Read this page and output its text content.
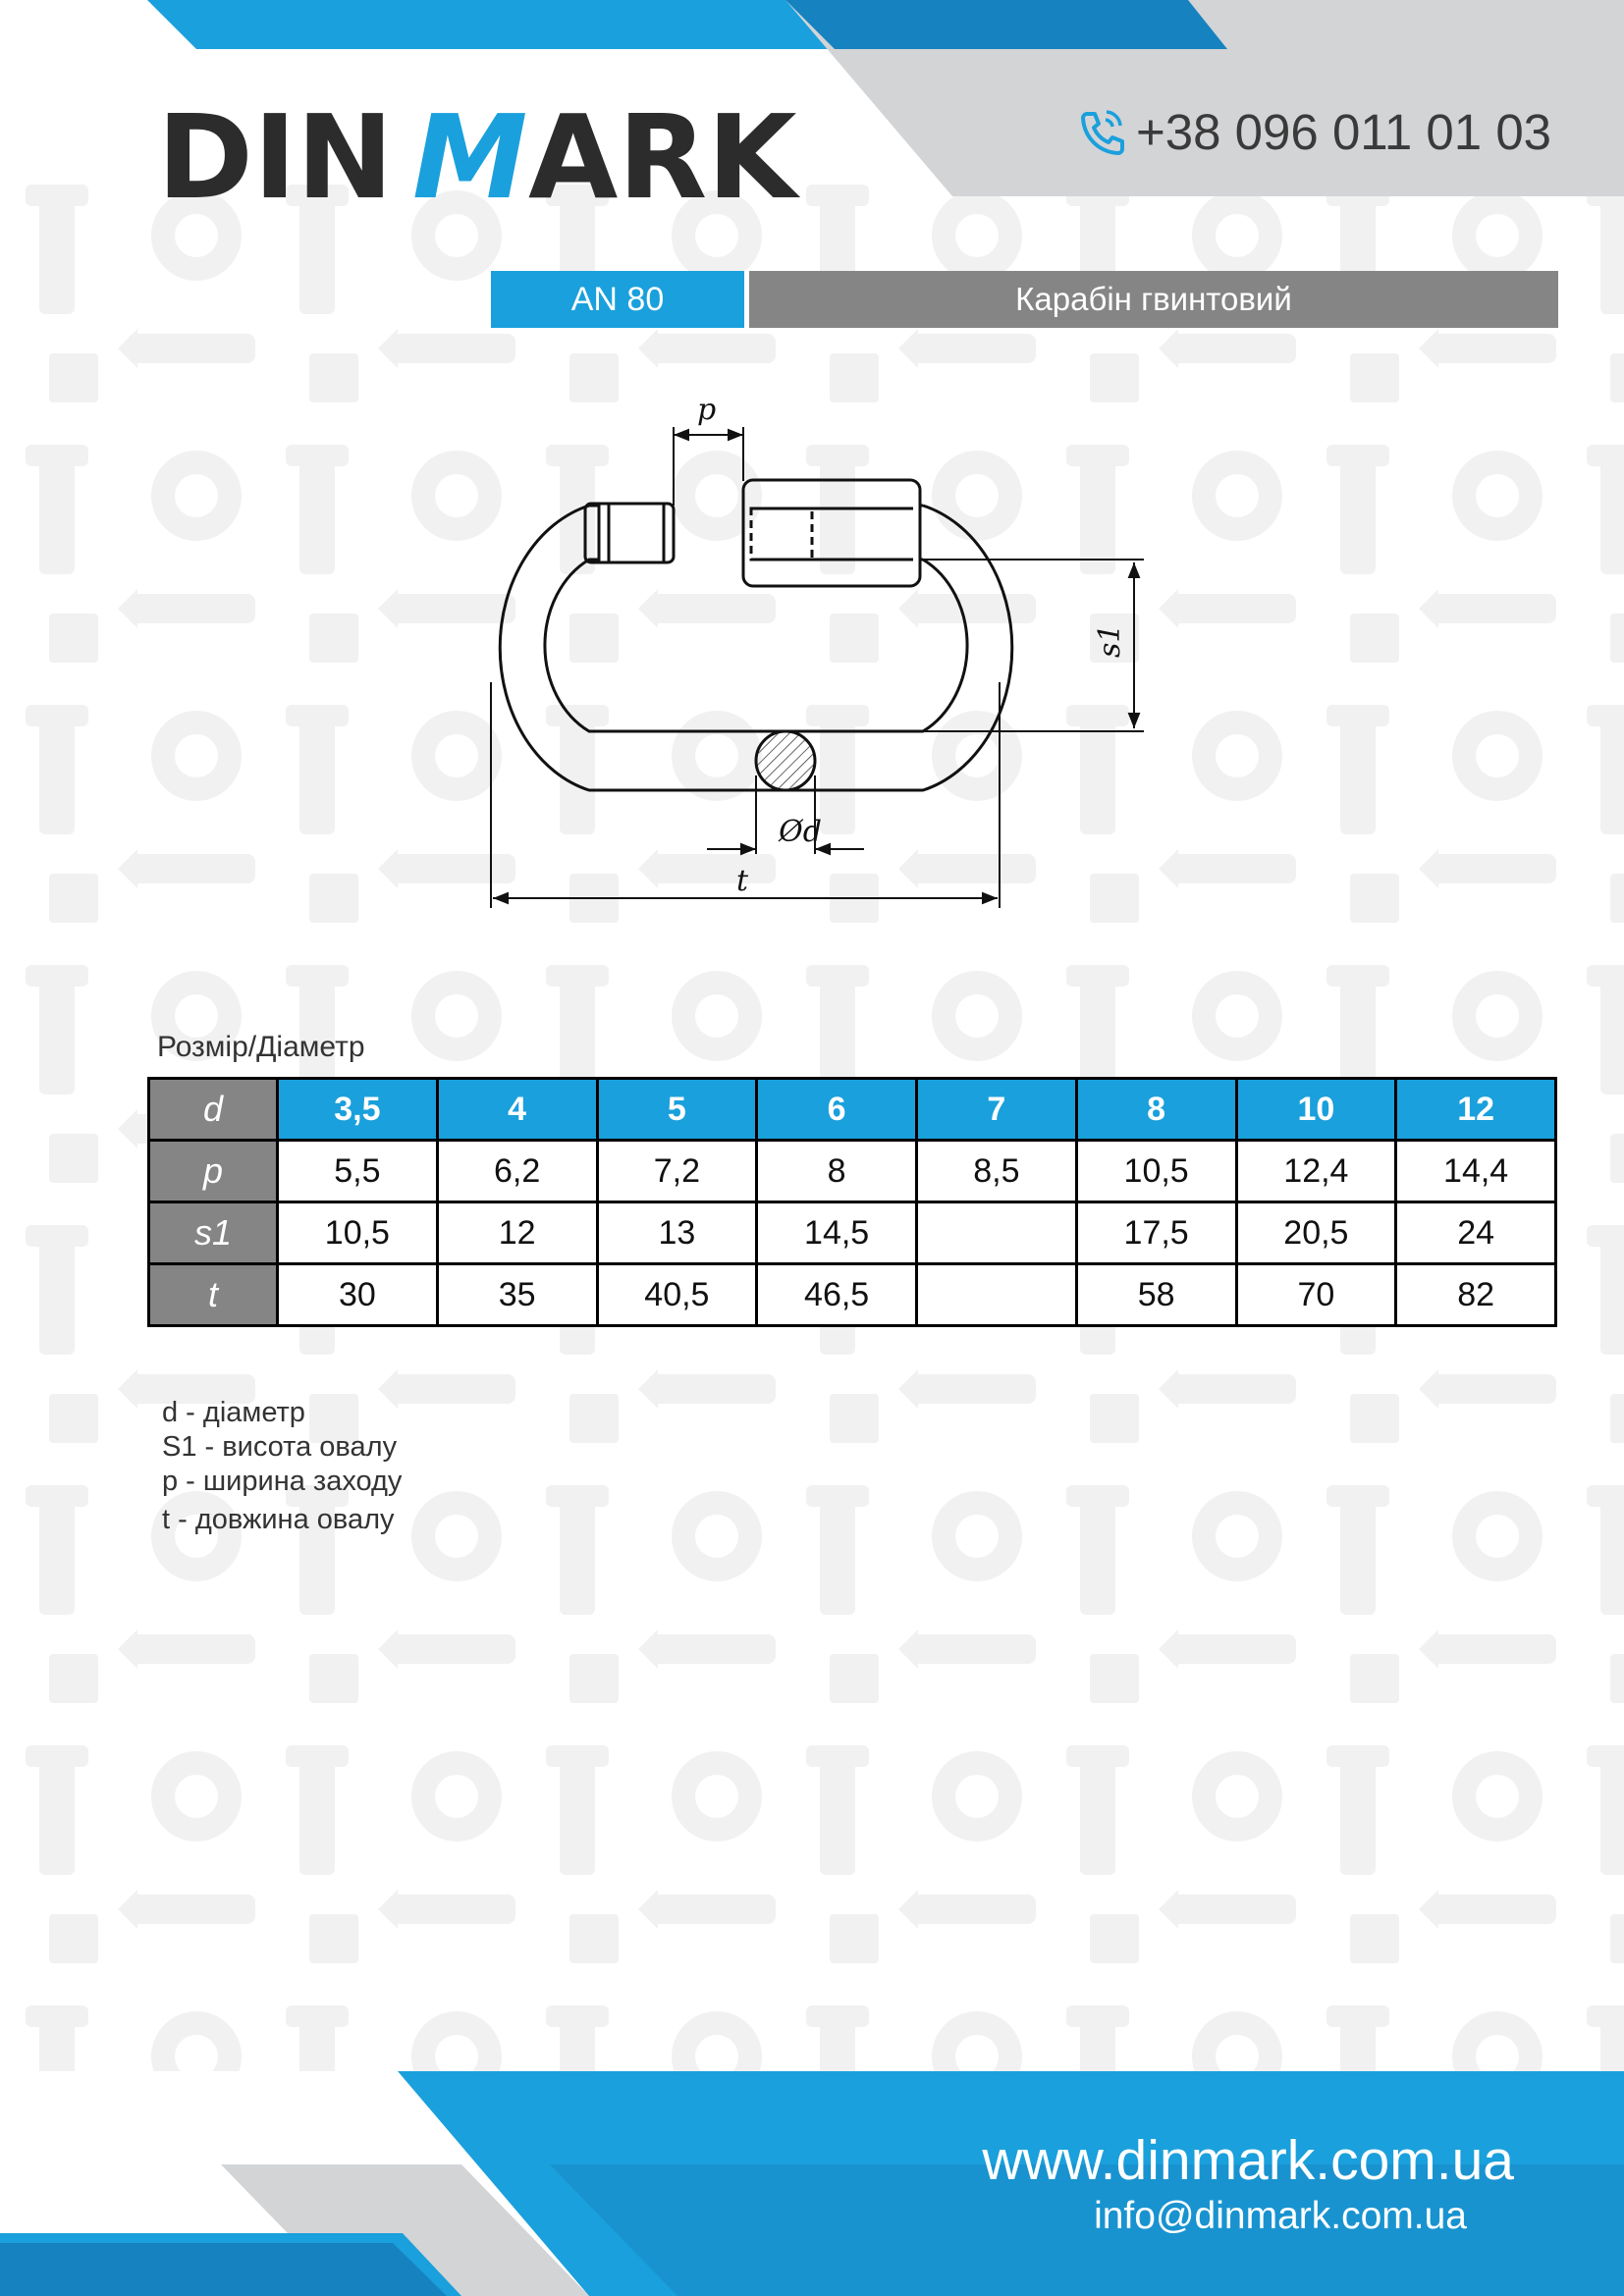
DIN M ARK	+38 096 011 01 03
AN 80	Карабін гвинтовий
p
s1
Ød
t
Розмір/Діаметр
d	3,5	4	5	6	7	8	10	12
p	5,5	6,2	7,2	8	8,5	10,5	12,4	14,4
s1	10,5	12	13	14,5		17,5	20,5	24
t	30	35	40,5	46,5		58	70	82
d - діаметр
S1 - висота овалу
p - ширина заходу
t - довжина овалу
www.dinmark.com.ua
info@dinmark.com.ua
